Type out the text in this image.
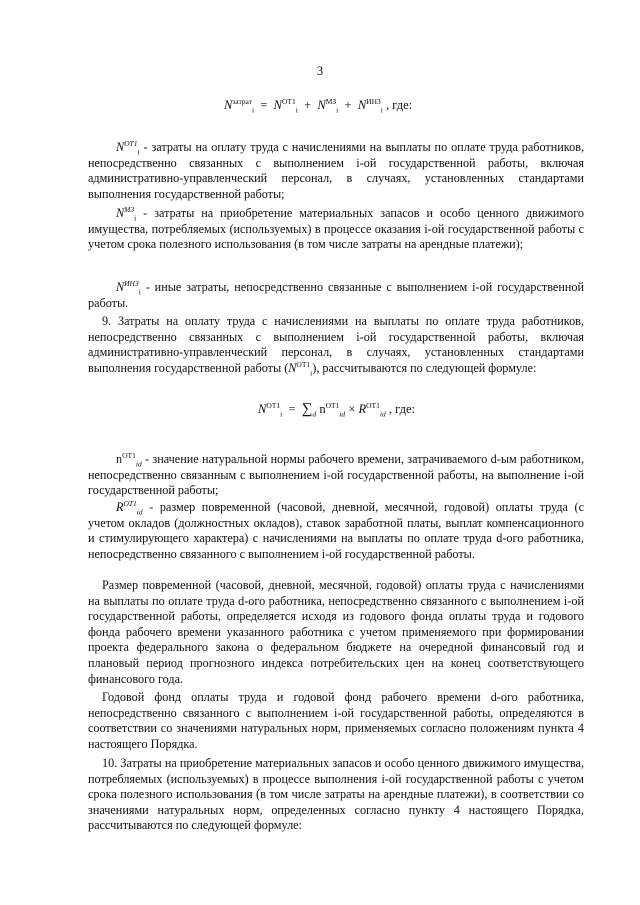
3
$N^{затрат}_i = N^{ОТ1}_i + N^{МЗ}_i + N^{ИНЗ}_i$ , где:
$N^{ОТ1}_i$ - затраты на оплату труда с начислениями на выплаты по оплате труда работников, непосредственно связанных с выполнением i-ой государственной работы, включая административно-управленческий персонал, в случаях, установленных стандартами выполнения государственной работы;
$N^{МЗ}_i$ - затраты на приобретение материальных запасов и особо ценного движимого имущества, потребляемых (используемых) в процессе оказания i-ой государственной работы с учетом срока полезного использования (в том числе затраты на арендные платежи);
$N^{ИНЗ}_i$ - иные затраты, непосредственно связанные с выполнением i-ой государственной работы.
9. Затраты на оплату труда с начислениями на выплаты по оплате труда работников, непосредственно связанных с выполнением i-ой государственной работы, включая административно-управленческий персонал, в случаях, установленных стандартами выполнения государственной работы $(N^{ОТ1}_i)$, рассчитываются по следующей формуле:
$N^{ОТ1}_i = \sum_d$ $n^{ОТ1}_{id} \times R^{ОТ1}_{id}$ , где:
$n^{ОТ1}_{id}$ - значение натуральной нормы рабочего времени, затрачиваемого d-ым работником, непосредственно связанным с выполнением i-ой государственной работы, на выполнение i-ой государственной работы;
$R^{ОТ1}_{id}$ - размер повременной (часовой, дневной, месячной, годовой) оплаты труда (с учетом окладов (должностных окладов), ставок заработной платы, выплат компенсационного и стимулирующего характера) с начислениями на выплаты по оплате труда d-ого работника, непосредственно связанного с выполнением i-ой государственной работы.
Размер повременной (часовой, дневной, месячной, годовой) оплаты труда с начислениями на выплаты по оплате труда d-ого работника, непосредственно связанного с выполнением i-ой государственной работы, определяется исходя из годового фонда оплаты труда и годового фонда рабочего времени указанного работника с учетом применяемого при формировании проекта федерального закона о федеральном бюджете на очередной финансовый год и плановый период прогнозного индекса потребительских цен на конец соответствующего финансового года.
Годовой фонд оплаты труда и годовой фонд рабочего времени d-ого работника, непосредственно связанного с выполнением i-ой государственной работы, определяются в соответствии со значениями натуральных норм, применяемых согласно положениям пункта 4 настоящего Порядка.
10. Затраты на приобретение материальных запасов и особо ценного движимого имущества, потребляемых (используемых) в процессе выполнения i-ой государственной работы с учетом срока полезного использования (в том числе затраты на арендные платежи), в соответствии со значениями натуральных норм, определенных согласно пункту 4 настоящего Порядка, рассчитываются по следующей формуле:
